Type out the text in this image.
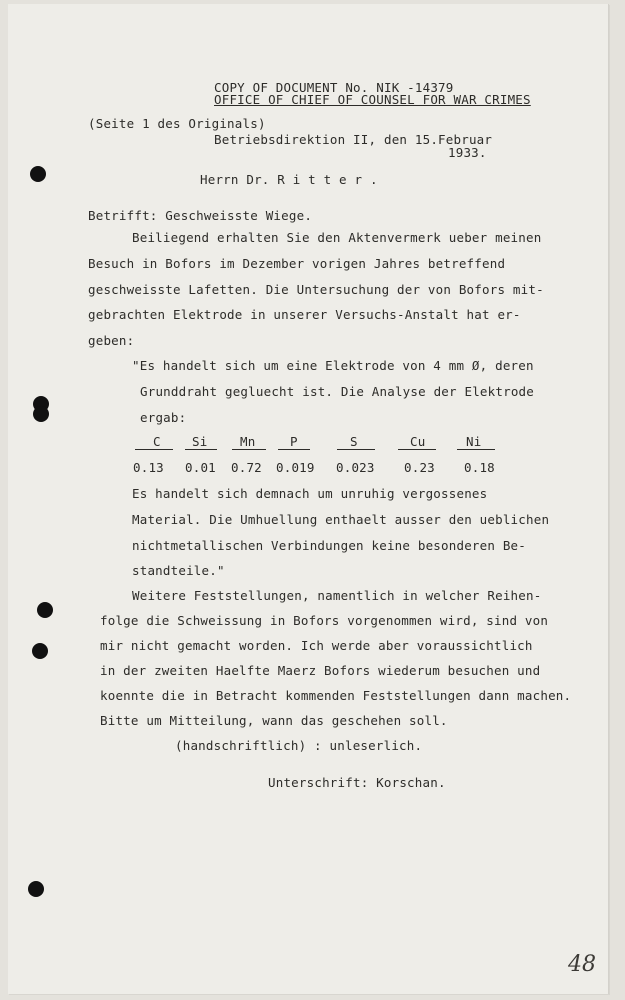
COPY OF DOCUMENT No. NIK -14379
OFFICE OF CHIEF OF COUNSEL FOR WAR CRIMES
(Seite 1 des Originals)
Betriebsdirektion II, den 15.Februar
1933.
Herrn Dr. R i t t e r .
Betrifft: Geschweisste Wiege.
Beiliegend erhalten Sie den Aktenvermerk ueber meinen
Besuch in Bofors im Dezember vorigen Jahres betreffend
geschweisste Lafetten. Die Untersuchung der von Bofors mit-
gebrachten Elektrode in unserer Versuchs-Anstalt hat er-
geben:
"Es handelt sich um eine Elektrode von 4 mm Ø, deren
Grunddraht gegluecht ist. Die Analyse der Elektrode
ergab:
C	Si	Mn	P	S	Cu	Ni
0.13 0.01 0.72 0.019 0.023 0.23 0.18
Es handelt sich demnach um unruhig vergossenes
Material. Die Umhuellung enthaelt ausser den ueblichen
nichtmetallischen Verbindungen keine besonderen Be-
standteile."
Weitere Feststellungen, namentlich in welcher Reihen-
folge die Schweissung in Bofors vorgenommen wird, sind von
mir nicht gemacht worden. Ich werde aber voraussichtlich
in der zweiten Haelfte Maerz Bofors wiederum besuchen und
koennte die in Betracht kommenden Feststellungen dann machen.
Bitte um Mitteilung, wann das geschehen soll.
(handschriftlich) : unleserlich.
Unterschrift: Korschan.
48
